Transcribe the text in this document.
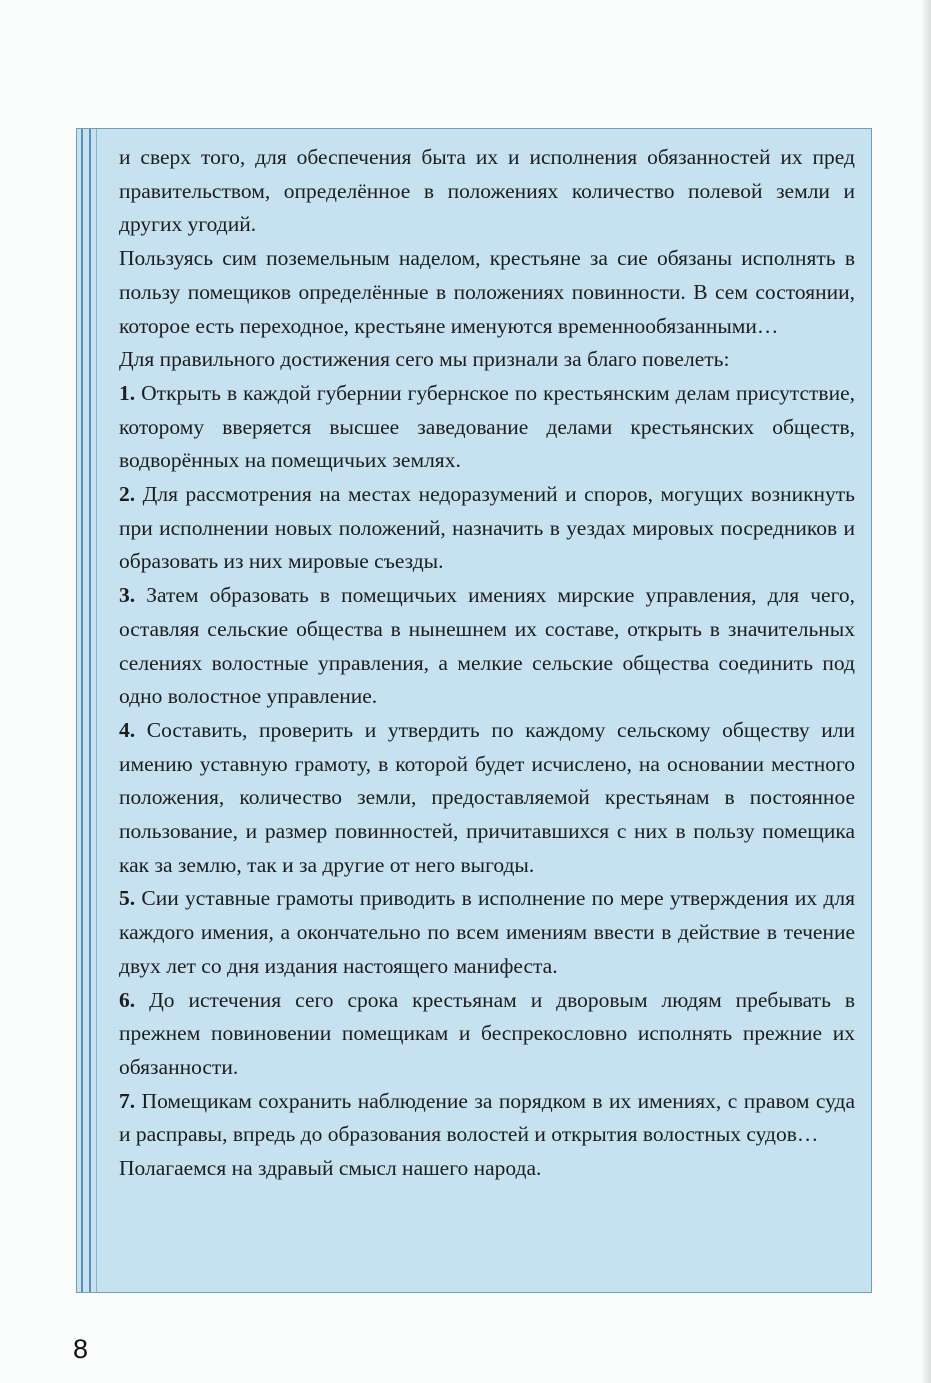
и сверх того, для обеспечения быта их и исполнения обязанностей их пред правительством, определённое в положениях количество полевой земли и других угодий.

Пользуясь сим поземельным наделом, крестьяне за сие обязаны исполнять в пользу помещиков определённые в положениях повинности. В сем состоянии, которое есть переходное, крестьяне именуются временнообязанными…

Для правильного достижения сего мы признали за благо повелеть:

1. Открыть в каждой губернии губернское по крестьянским делам присутствие, которому вверяется высшее заведование делами крестьянских обществ, водворённых на помещичьих землях.

2. Для рассмотрения на местах недоразумений и споров, могущих возникнуть при исполнении новых положений, назначить в уездах мировых посредников и образовать из них мировые съезды.

3. Затем образовать в помещичьих имениях мирские управления, для чего, оставляя сельские общества в нынешнем их составе, открыть в значительных селениях волостные управления, а мелкие сельские общества соединить под одно волостное управление.

4. Составить, проверить и утвердить по каждому сельскому обществу или имению уставную грамоту, в которой будет исчислено, на основании местного положения, количество земли, предоставляемой крестьянам в постоянное пользование, и размер повинностей, причитавшихся с них в пользу помещика как за землю, так и за другие от него выгоды.

5. Сии уставные грамоты приводить в исполнение по мере утверждения их для каждого имения, а окончательно по всем имениям ввести в действие в течение двух лет со дня издания настоящего манифеста.

6. До истечения сего срока крестьянам и дворовым людям пребывать в прежнем повиновении помещикам и беспрекословно исполнять прежние их обязанности.

7. Помещикам сохранить наблюдение за порядком в их имениях, с правом суда и расправы, впредь до образования волостей и открытия волостных судов…

Полагаемся на здравый смысл нашего народа.

8
